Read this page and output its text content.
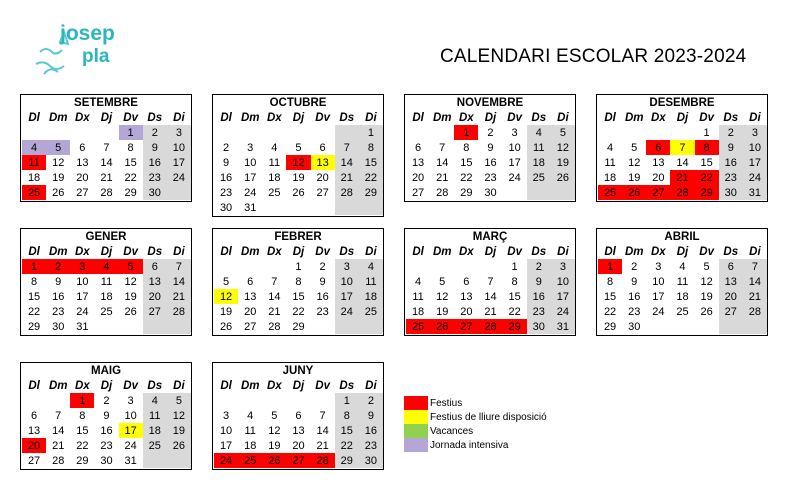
josep
pla	CALENDARI ESCOLAR 2023-2024
SETEMBRE
Dl	Dm	Dx	Dj	Dv	Ds	Di
				1	2	3
4	5	6	7	8	9	10
11	12	13	14	15	16	17
18	19	20	21	22	23	24
25	26	27	28	29	30	
OCTUBRE
Dl	Dm	Dx	Dj	Dv	Ds	Di
						1
2	3	4	5	6	7	8
9	10	11	12	13	14	15
16	17	18	19	20	21	22
23	24	25	26	27	28	29
30	31					
NOVEMBRE
Dl	Dm	Dx	Dj	Dv	Ds	Di
		1	2	3	4	5
6	7	8	9	10	11	12
13	14	15	16	17	18	19
20	21	22	23	24	25	26
27	28	29	30			
DESEMBRE
Dl	Dm	Dx	Dj	Dv	Ds	Di
				1	2	3
4	5	6	7	8	9	10
11	12	13	14	15	16	17
18	19	20	21	22	23	24
25	26	27	28	29	30	31
GENER
Dl	Dm	Dx	Dj	Dv	Ds	Di
1	2	3	4	5	6	7
8	9	10	11	12	13	14
15	16	17	18	19	20	21
22	23	24	25	26	27	28
29	30	31				
FEBRER
Dl	Dm	Dx	Dj	Dv	Ds	Di
			1	2	3	4
5	6	7	8	9	10	11
12	13	14	15	16	17	18
19	20	21	22	23	24	25
26	27	28	29			
MARÇ
Dl	Dm	Dx	Dj	Dv	Ds	Di
				1	2	3
4	5	6	7	8	9	10
11	12	13	14	15	16	17
18	19	20	21	22	23	24
25	26	27	28	29	30	31
ABRIL
Dl	Dm	Dx	Dj	Dv	Ds	Di
1	2	3	4	5	6	7
8	9	10	11	12	13	14
15	16	17	18	19	20	21
22	23	24	25	26	27	28
29	30					
MAIG
Dl	Dm	Dx	Dj	Dv	Ds	Di
		1	2	3	4	5
6	7	8	9	10	11	12
13	14	15	16	17	18	19
20	21	22	23	24	25	26
27	28	29	30	31		
JUNY
Dl	Dm	Dx	Dj	Dv	Ds	Di
					1	2
3	4	5	6	7	8	9
10	11	12	13	14	15	16
17	18	19	20	21	22	23
24	25	26	27	28	29	30
Festius
Festius de lliure disposició
Vacances
Jornada intensiva
